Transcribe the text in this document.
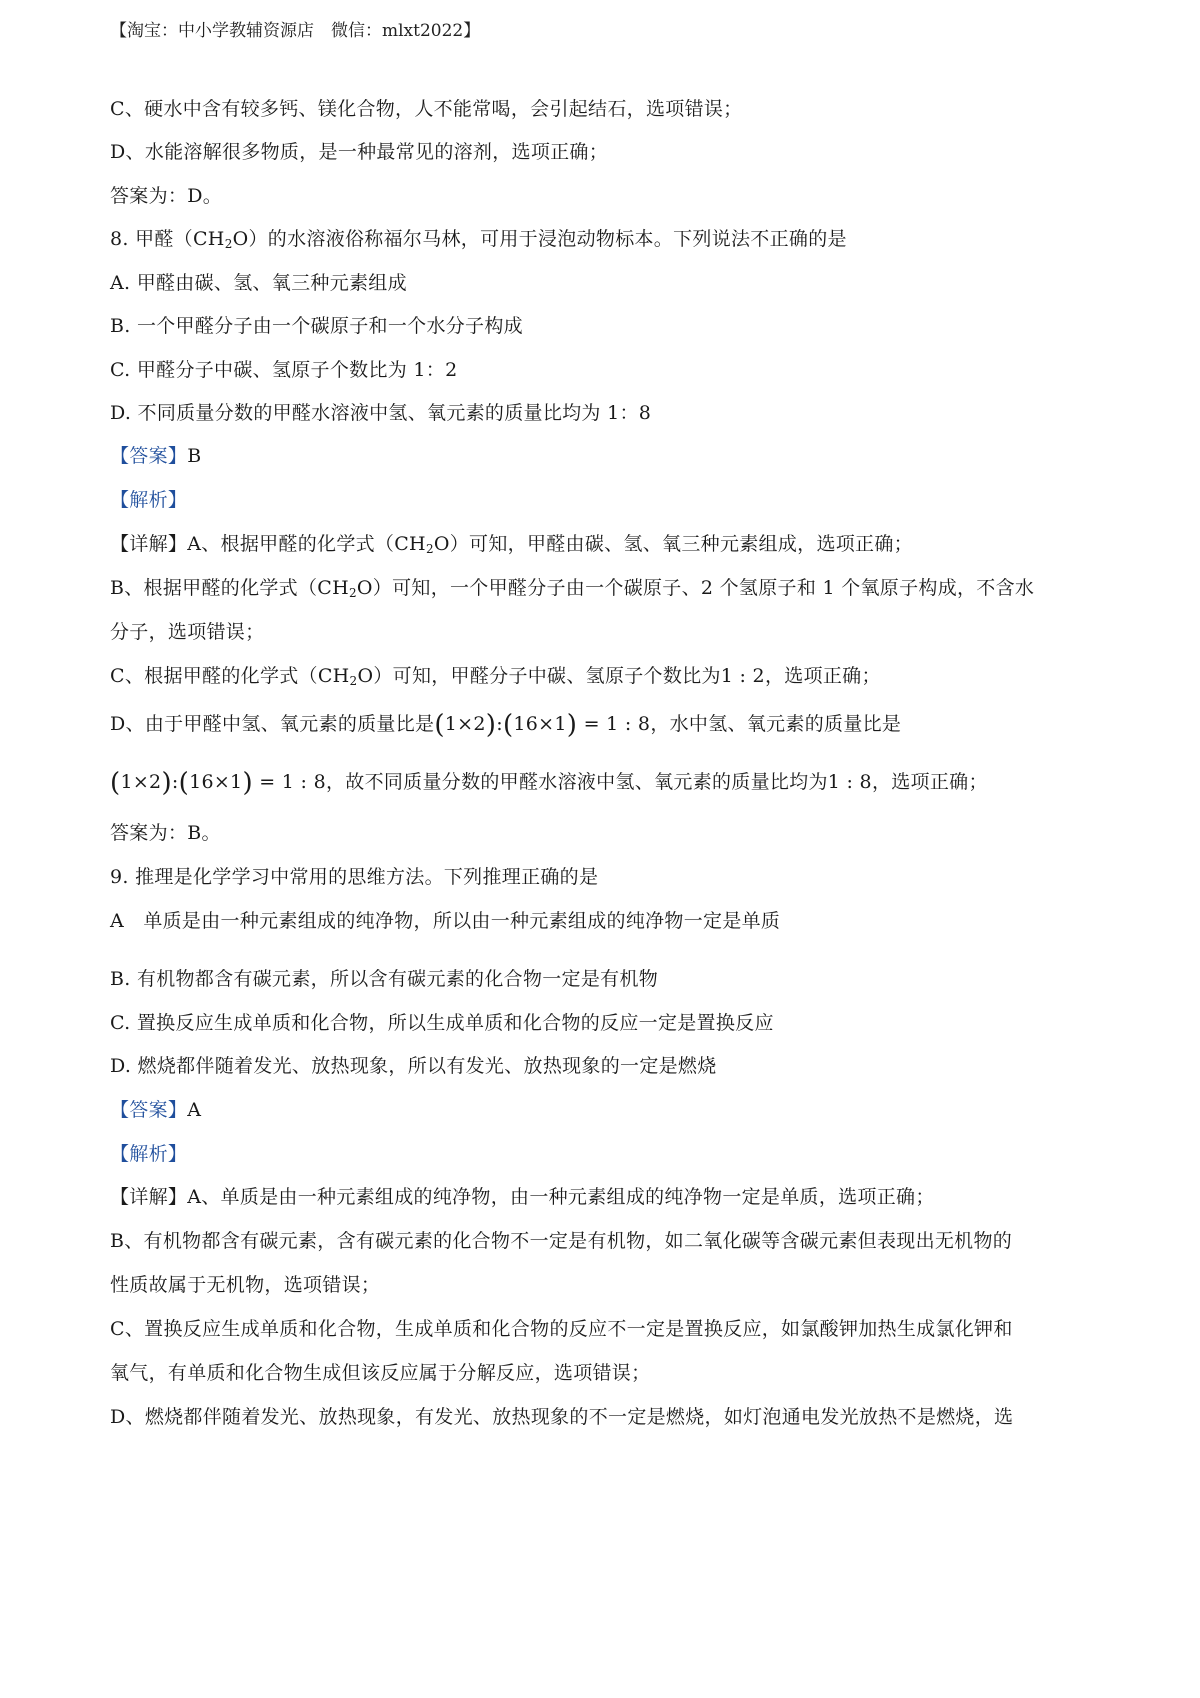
【淘宝：中小学教辅资源店　微信：mlxt2022】
C、硬水中含有较多钙、镁化合物，人不能常喝，会引起结石，选项错误；
D、水能溶解很多物质，是一种最常见的溶剂，选项正确；
答案为：D。
8. 甲醛$(CH_2O)$的水溶液俗称福尔马林，可用于浸泡动物标本。下列说法不正确的是
A. 甲醛由碳、氢、氧三种元素组成
B. 一个甲醛分子由一个碳原子和一个水分子构成
C. 甲醛分子中碳、氢原子个数比为 1：2
D. 不同质量分数的甲醛水溶液中氢、氧元素的质量比均为 1：8
【答案】B
【解析】
【详解】A、根据甲醛的化学式$(CH_2O)$可知，甲醛由碳、氢、氧三种元素组成，选项正确；
B、根据甲醛的化学式$(CH_2O)$可知，一个甲醛分子由一个碳原子、2 个氢原子和 1 个氧原子构成，不含水
分子，选项错误；
C、根据甲醛的化学式$(CH_2O)$可知，甲醛分子中碳、氢原子个数比为1 : 2，选项正确；
D、由于甲醛中氢、氧元素的质量比是(1×2):(16×1) = 1 : 8，水中氢、氧元素的质量比是
(1×2):(16×1) = 1 : 8，故不同质量分数的甲醛水溶液中氢、氧元素的质量比均为1 : 8，选项正确；
答案为：B。
9. 推理是化学学习中常用的思维方法。下列推理正确的是
A　单质是由一种元素组成的纯净物，所以由一种元素组成的纯净物一定是单质
B. 有机物都含有碳元素，所以含有碳元素的化合物一定是有机物
C. 置换反应生成单质和化合物，所以生成单质和化合物的反应一定是置换反应
D. 燃烧都伴随着发光、放热现象，所以有发光、放热现象的一定是燃烧
【答案】A
【解析】
【详解】A、单质是由一种元素组成的纯净物，由一种元素组成的纯净物一定是单质，选项正确；
B、有机物都含有碳元素，含有碳元素的化合物不一定是有机物，如二氧化碳等含碳元素但表现出无机物的
性质故属于无机物，选项错误；
C、置换反应生成单质和化合物，生成单质和化合物的反应不一定是置换反应，如氯酸钾加热生成氯化钾和
氧气，有单质和化合物生成但该反应属于分解反应，选项错误；
D、燃烧都伴随着发光、放热现象，有发光、放热现象的不一定是燃烧，如灯泡通电发光放热不是燃烧，选
